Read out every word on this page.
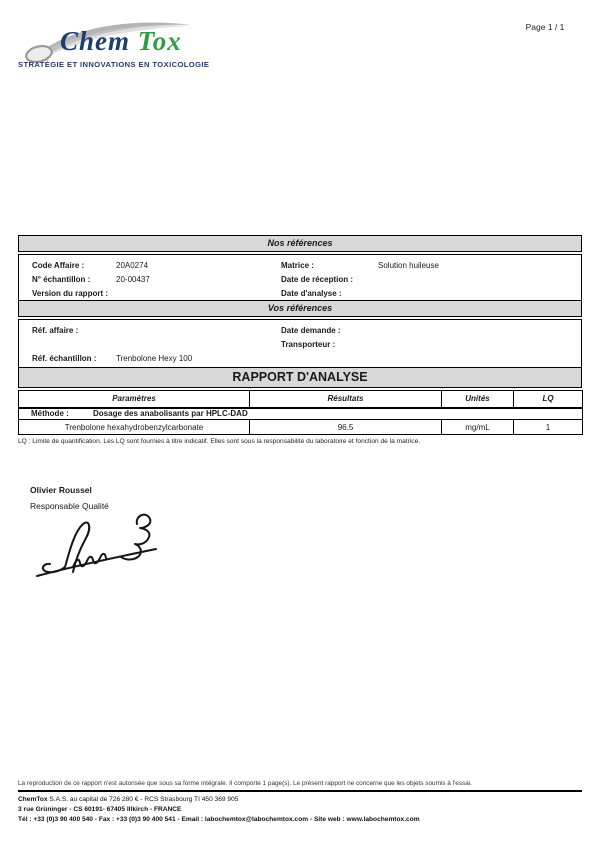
Chem Tox
STRATÉGIE ET INNOVATIONS EN TOXICOLOGIE
Page 1 / 1
Nos références
Code Affaire :	20A0274	Matrice :	Solution huileuse
N° échantillon :	20-00437	Date de réception :
Version du rapport :	Date d'analyse :
Vos références
Réf. affaire :	Date demande :
Transporteur :
Réf. échantillon :	Trenbolone Hexy 100
RAPPORT D'ANALYSE
Paramètres	Résultats	Unités	LQ
Méthode : Dosage des anabolisants par HPLC-DAD			
Trenbolone hexahydrobenzylcarbonate	96.5	mg/mL	1
LQ : Limite de quantification. Les LQ sont fournies à titre indicatif. Elles sont sous la responsabilité du laboratoire et fonction de la matrice.
Olivier Roussel
Responsable Qualité
La reproduction de ce rapport n'est autorisée que sous sa forme intégrale. Il comporte 1 page(s). Le présent rapport ne concerne que les objets soumis à l'essai.
ChemTox S.A.S. au capital de 726 280 € - RCS Strasbourg TI 450 369 905
3 rue Grüninger - CS 60191- 67405 Illkirch - FRANCE
Tél : +33 (0)3 90 400 540 - Fax : +33 (0)3 90 400 541 - Email : labochemtox@labochemtox.com - Site web : www.labochemtox.com
